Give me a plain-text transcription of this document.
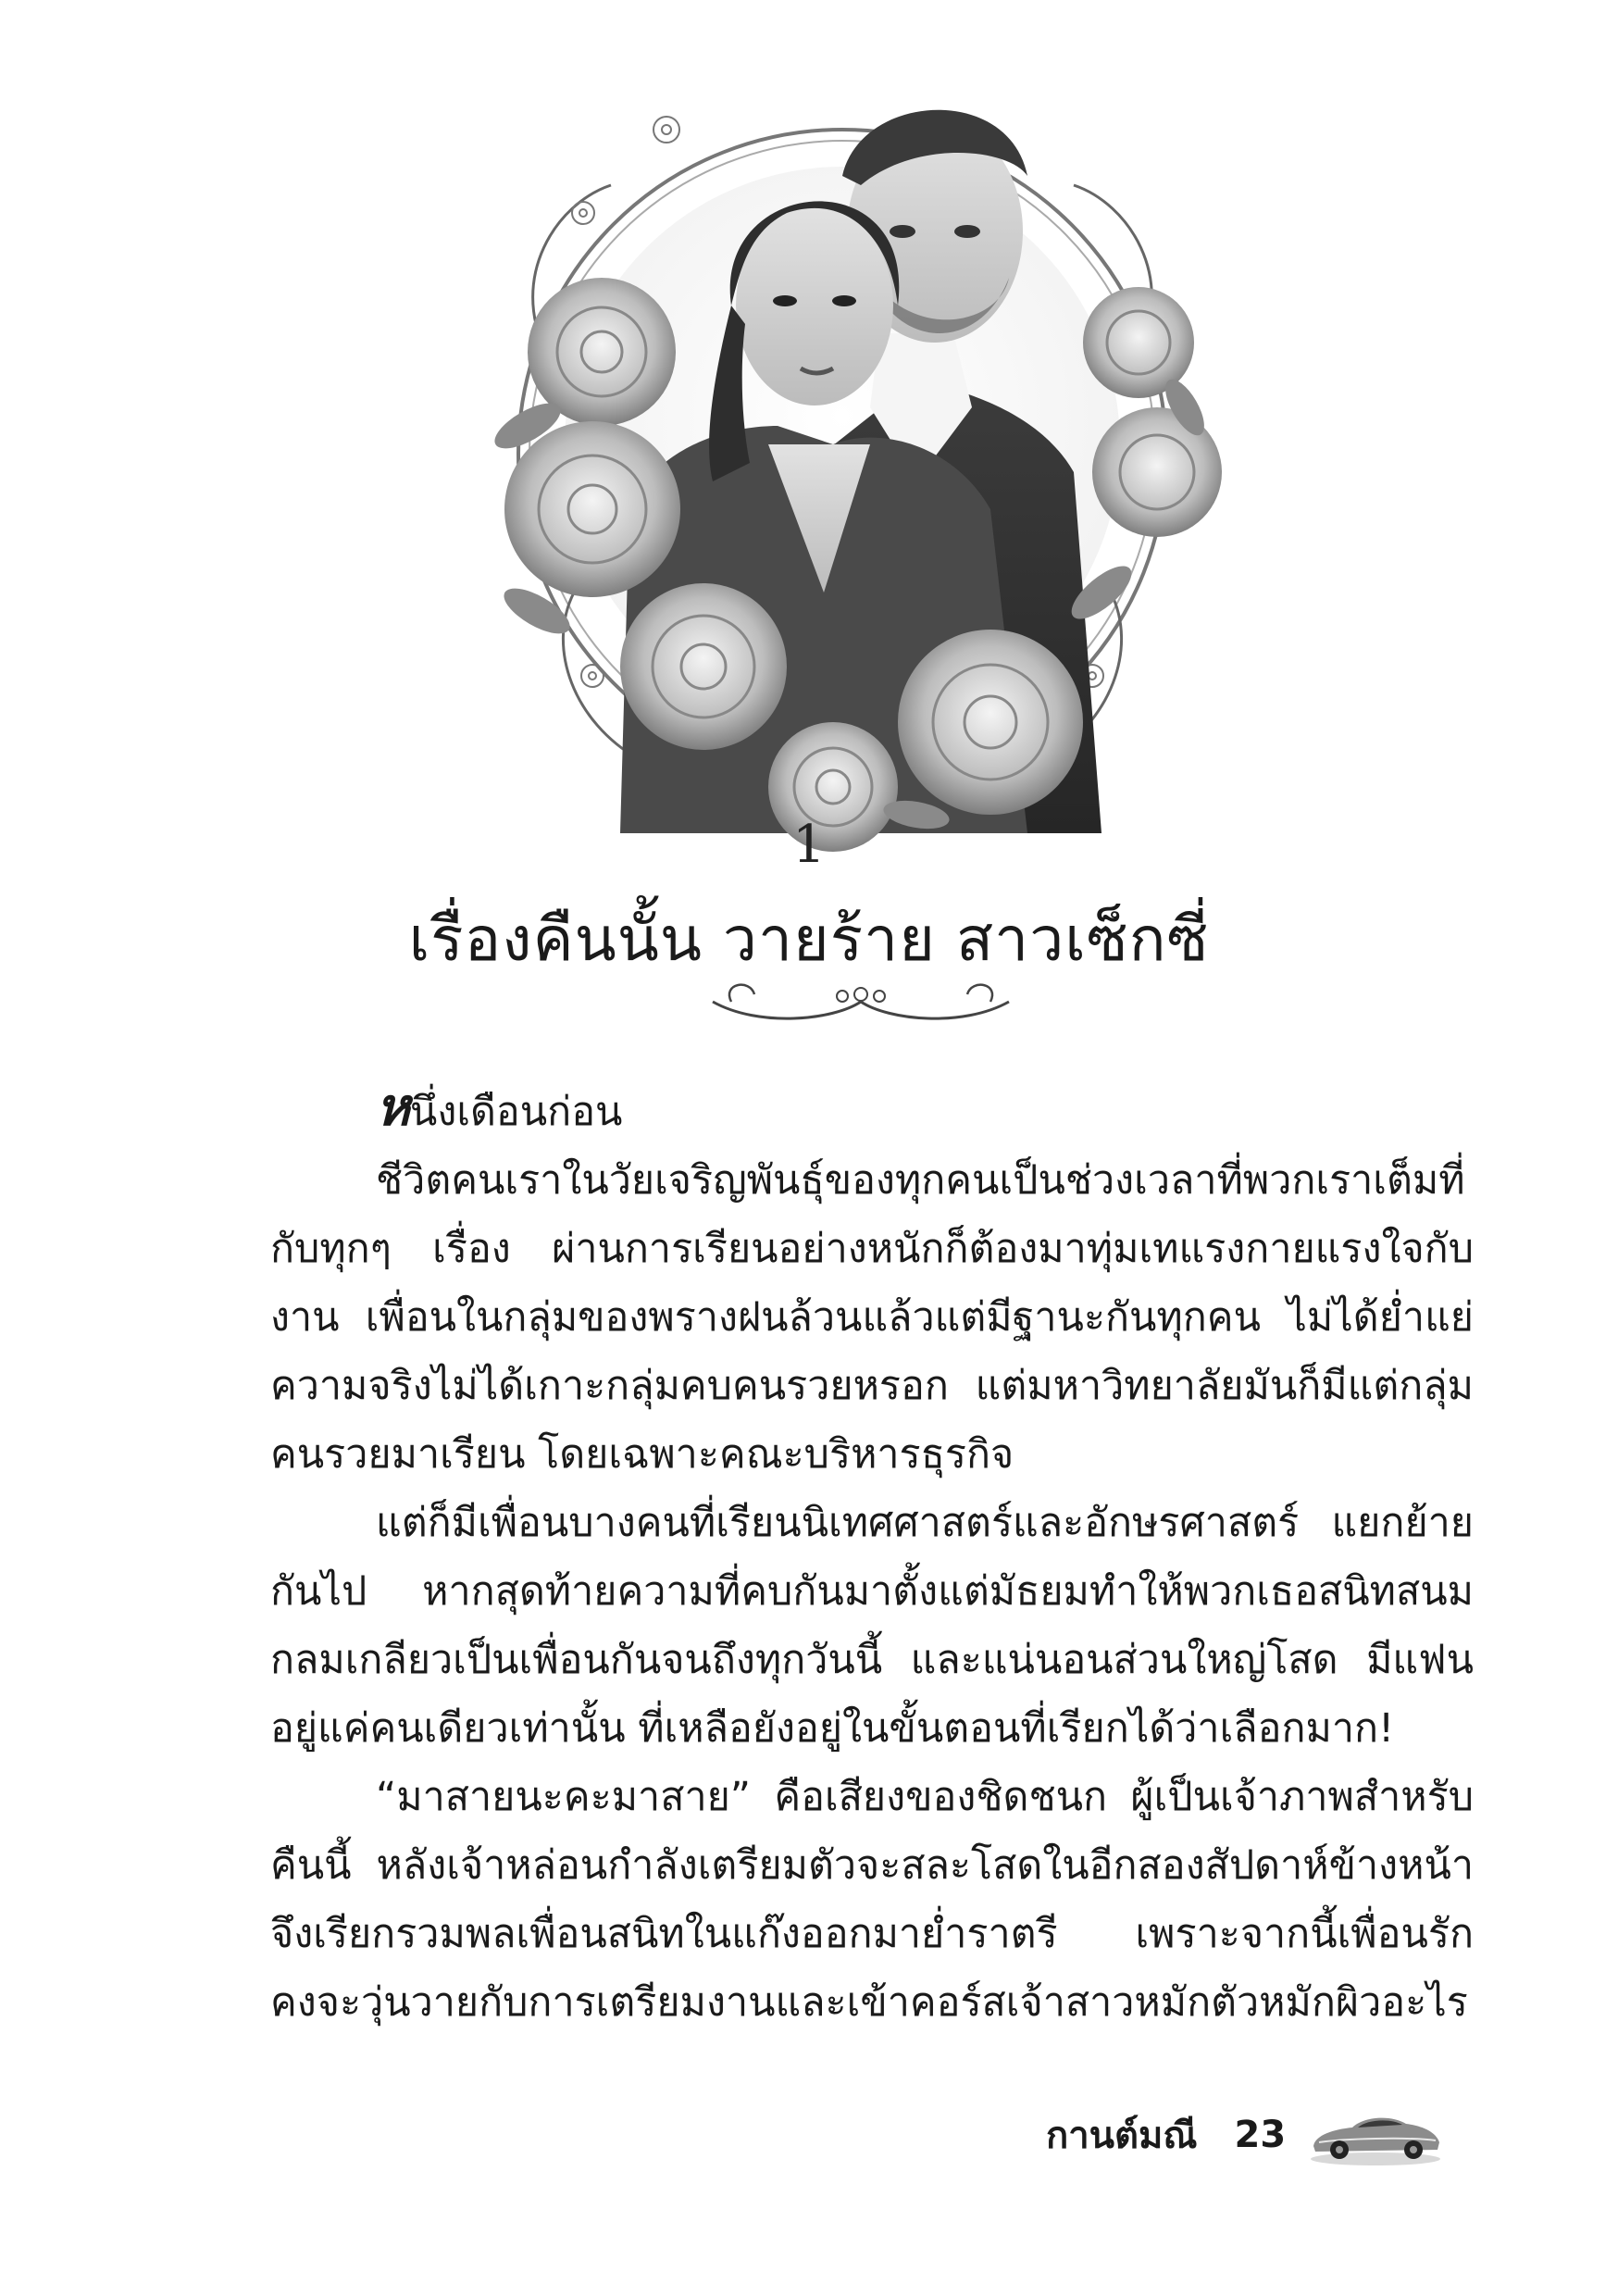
1
เรื่องคืนนั้น วายร้าย สาวเซ็กซี่

หนึ่งเดือนก่อน

ชีวิตคนเราในวัยเจริญพันธุ์ของทุกคนเป็นช่วงเวลาที่พวกเราเต็มที่กับทุกๆ เรื่อง ผ่านการเรียนอย่างหนักก็ต้องมาทุ่มเทแรงกายแรงใจกับงาน เพื่อนในกลุ่มของพรางฝนล้วนแล้วแต่มีฐานะกันทุกคน ไม่ได้ย่ำแย่ ความจริงไม่ได้เกาะกลุ่มคบคนรวยหรอก แต่มหาวิทยาลัยมันก็มีแต่กลุ่มคนรวยมาเรียน โดยเฉพาะคณะบริหารธุรกิจ

แต่ก็มีเพื่อนบางคนที่เรียนนิเทศศาสตร์และอักษรศาสตร์ แยกย้ายกันไป หากสุดท้ายความที่คบกันมาตั้งแต่มัธยมทำให้พวกเธอสนิทสนมกลมเกลียวเป็นเพื่อนกันจนถึงทุกวันนี้ และแน่นอนส่วนใหญ่โสด มีแฟนอยู่แค่คนเดียวเท่านั้น ที่เหลือยังอยู่ในขั้นตอนที่เรียกได้ว่าเลือกมาก!

“มาสายนะคะมาสาย” คือเสียงของชิดชนก ผู้เป็นเจ้าภาพสำหรับคืนนี้ หลังเจ้าหล่อนกำลังเตรียมตัวจะสละโสดในอีกสองสัปดาห์ข้างหน้า จึงเรียกรวมพลเพื่อนสนิทในแก๊งออกมาย่ำราตรี เพราะจากนี้เพื่อนรักคงจะวุ่นวายกับการเตรียมงานและเข้าคอร์สเจ้าสาวหมักตัวหมักผิวอะไร

กานต์มณี 23
